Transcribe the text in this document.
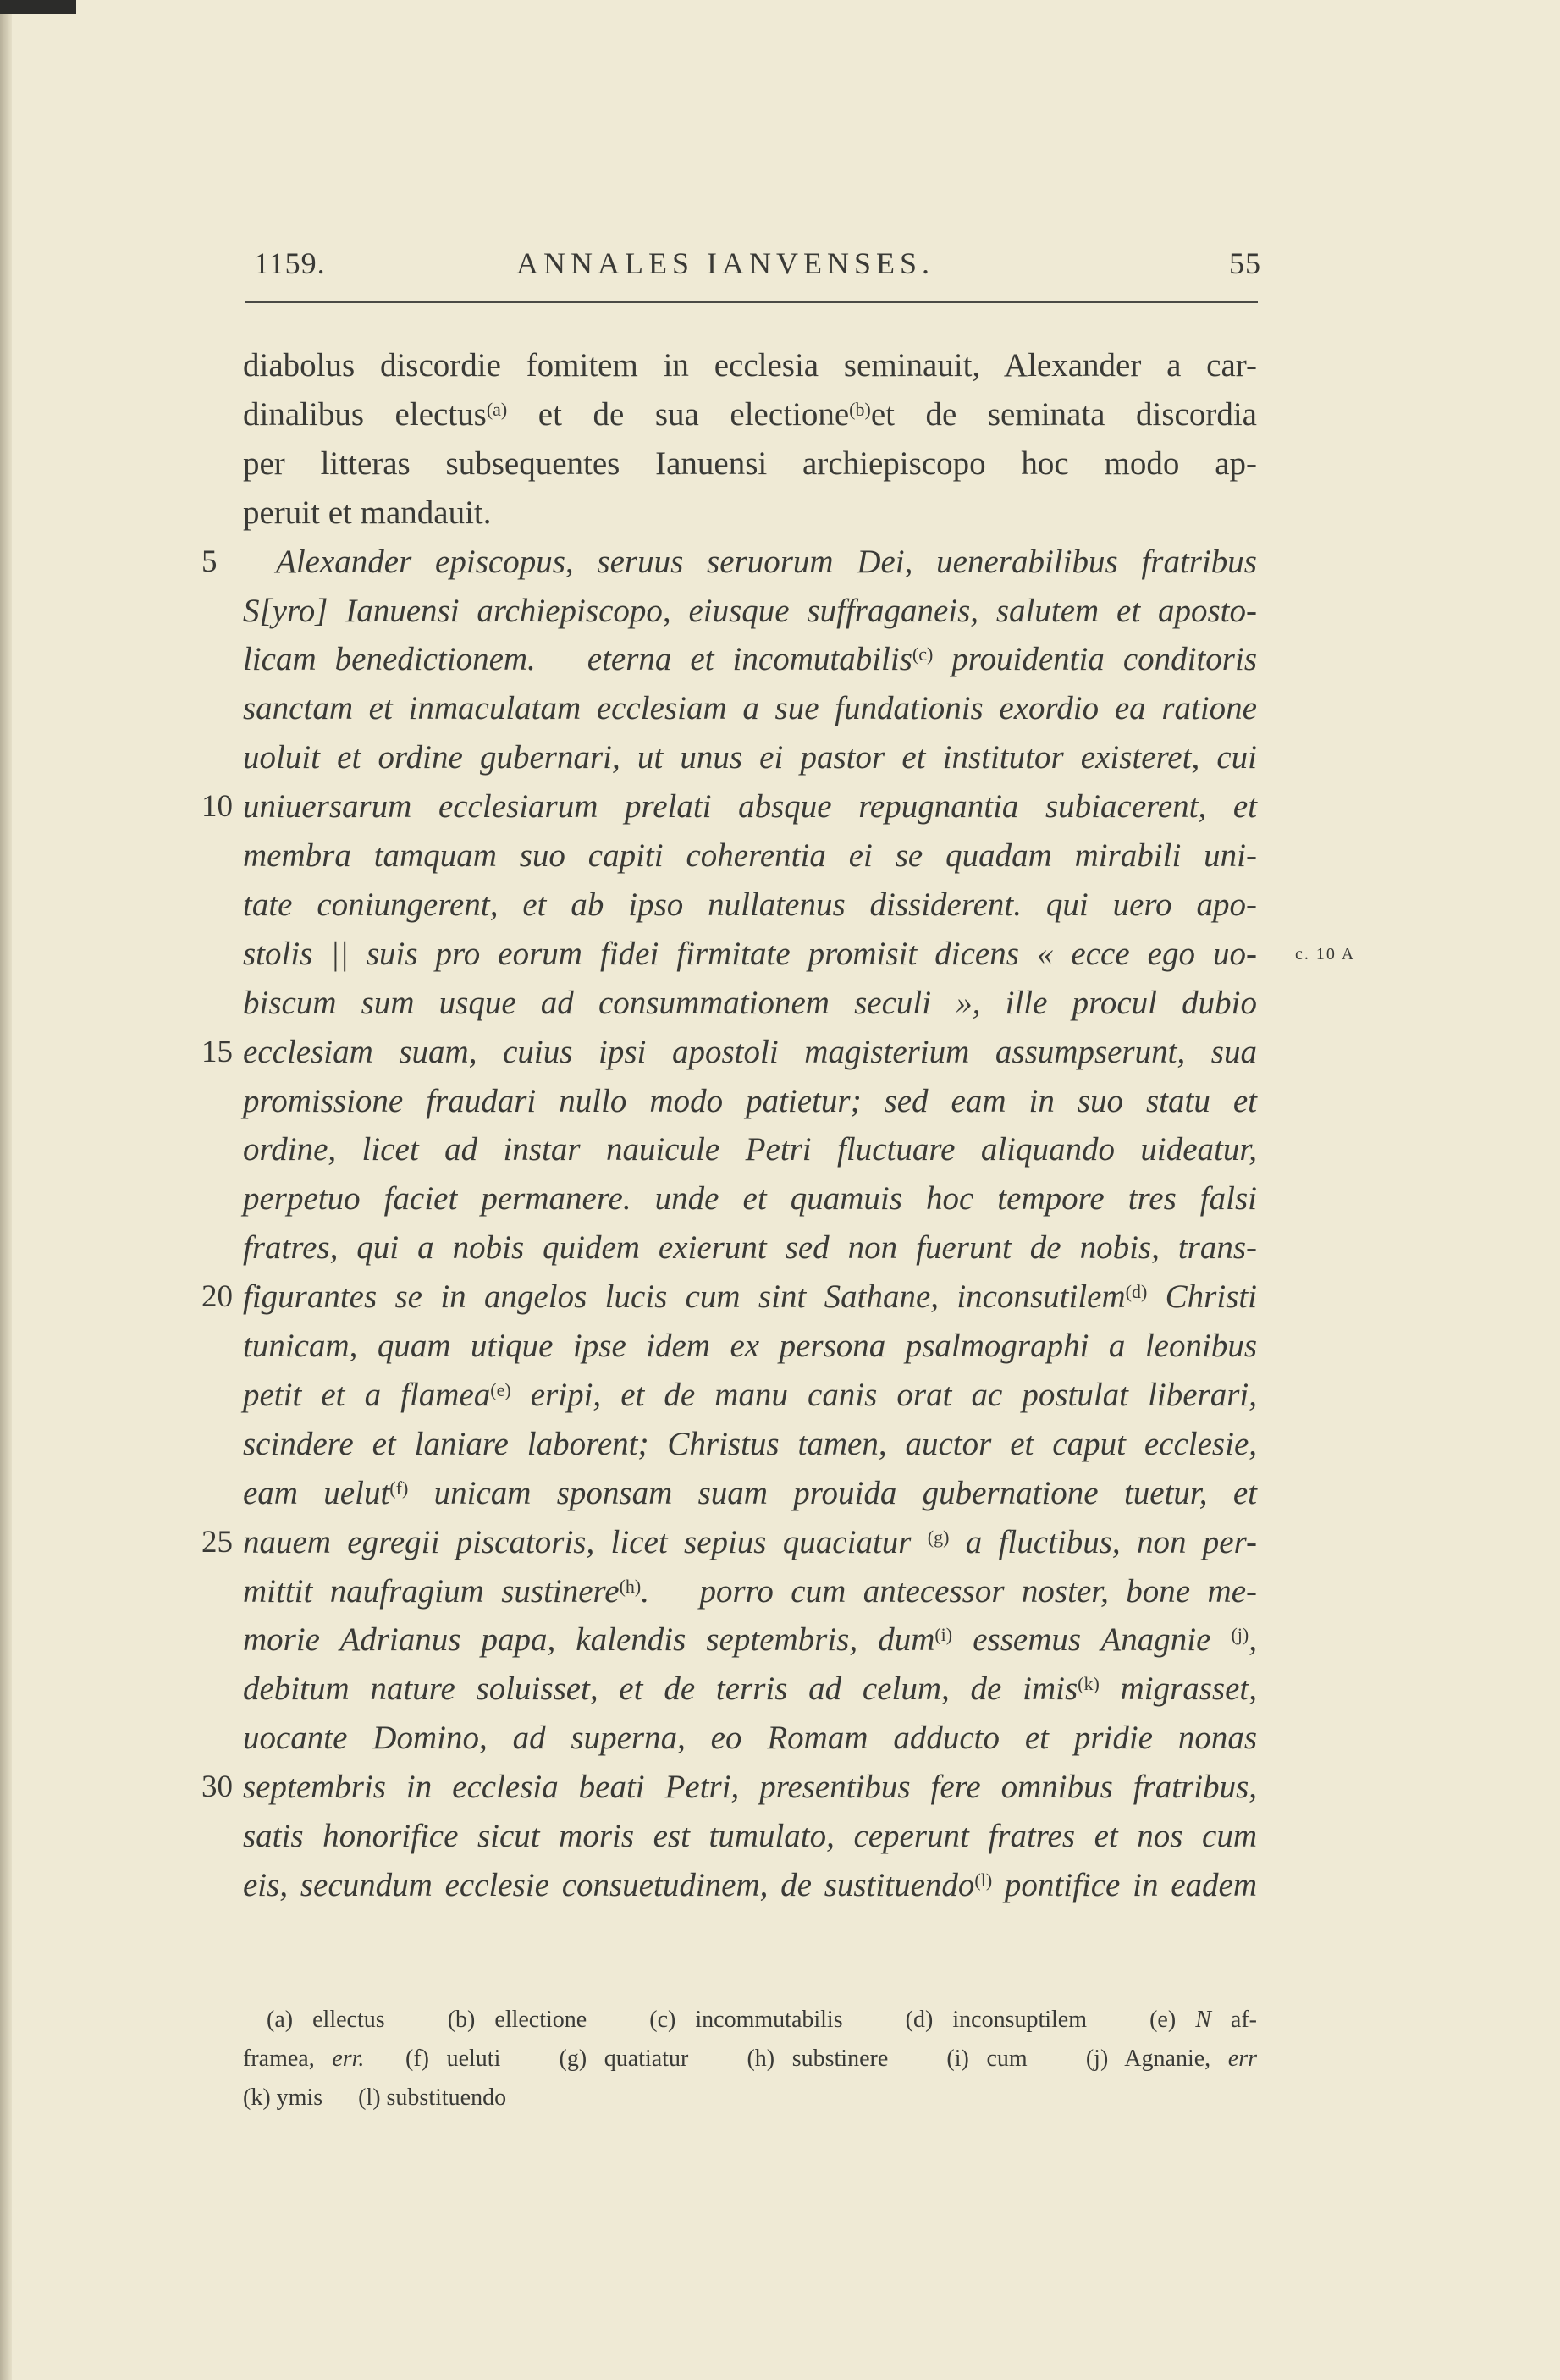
1159.	ANNALES IANVENSES.	55
diabolus discordie fomitem in ecclesia seminauit, Alexander a car-
dinalibus electus$^{(a)}$ et de sua electione$^{(b)}$et de seminata discordia
per litteras subsequentes Ianuensi archiepiscopo hoc modo ap-
peruit et mandauit.
 Alexander episcopus, seruus seruorum Dei, uenerabilibus fratribus
5
S[yro] Ianuensi archiepiscopo, eiusque suffraganeis, salutem et aposto-
licam benedictionem.  eterna et incomutabilis$^{(c)}$ prouidentia conditoris
sanctam et inmaculatam ecclesiam a sue fundationis exordio ea ratione
uoluit et ordine gubernari, ut unus ei pastor et institutor existeret, cui
uniuersarum ecclesiarum prelati absque repugnantia subiacerent, et
10
membra tamquam suo capiti coherentia ei se quadam mirabili uni-
tate coniungerent, et ab ipso nullatenus dissiderent. qui uero apo-
stolis || suis pro eorum fidei firmitate promisit dicens « ecce ego uo- c. 10 A
biscum sum usque ad consummationem seculi », ille procul dubio
ecclesiam suam, cuius ipsi apostoli magisterium assumpserunt, sua
15
promissione fraudari nullo modo patietur; sed eam in suo statu et
ordine, licet ad instar nauicule Petri fluctuare aliquando uideatur,
perpetuo faciet permanere. unde et quamuis hoc tempore tres falsi
fratres, qui a nobis quidem exierunt sed non fuerunt de nobis, trans-
figurantes se in angelos lucis cum sint Sathane, inconsutilem$^{(d)}$ Christi
20
tunicam, quam utique ipse idem ex persona psalmographi a leonibus
petit et a flamea$^{(e)}$ eripi, et de manu canis orat ac postulat liberari,
scindere et laniare laborent; Christus tamen, auctor et caput ecclesie,
eam uelut$^{(f)}$ unicam sponsam suam prouida gubernatione tuetur, et
nauem egregii piscatoris, licet sepius quaciatur $^{(g)}$ a fluctibus, non per-
25
mittit naufragium sustinere$^{(h)}$.  porro cum antecessor noster, bone me-
morie Adrianus papa, kalendis septembris, dum$^{(i)}$ essemus Anagnie $^{(j)}$,
debitum nature soluisset, et de terris ad celum, de imis$^{(k)}$ migrasset,
uocante Domino, ad superna, eo Romam adducto et pridie nonas
septembris in ecclesia beati Petri, presentibus fere omnibus fratribus,
30
satis honorifice sicut moris est tumulato, ceperunt fratres et nos cum
eis, secundum ecclesie consuetudinem, de sustituendo$^{(l)}$ pontifice in eadem
 (a) ellectus   (b) ellectione   (c) incommutabilis   (d) inconsuptilem   (e) N af-
framea, err.  (f) ueluti   (g) quatiatur   (h) substinere   (i) cum   (j) Agnanie, err
(k) ymis   (l) substituendo
